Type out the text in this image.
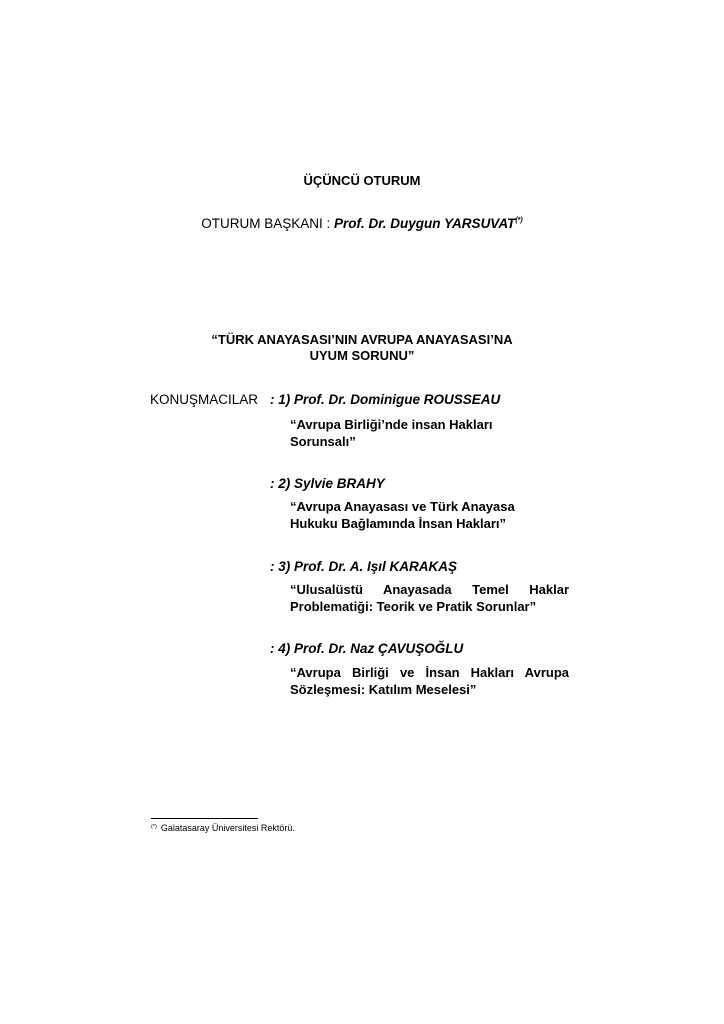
ÜÇÜNCÜ OTURUM
OTURUM BAŞKANI : Prof. Dr. Duygun YARSUVAT(*)
“TÜRK ANAYASASI’NIN AVRUPA ANAYASASI’NA
UYUM SORUNU”
KONUŞMACILAR : 1) Prof. Dr. Dominigue ROUSSEAU
“Avrupa Birliği’nde insan Hakları
Sorunsalı”
: 2) Sylvie BRAHY
“Avrupa Anayasası ve Türk Anayasa
Hukuku Bağlamında İnsan Hakları”
: 3) Prof. Dr. A. Işıl KARAKAŞ
“Ulusalüstü Anayasada Temel Haklar
Problematiği: Teorik ve Pratik Sorunlar”
: 4) Prof. Dr. Naz ÇAVUŞOĞLU
“Avrupa Birliği ve İnsan Hakları Avrupa
Sözleşmesi: Katılım Meselesi”
(*) Galatasaray Üniversitesi Rektörü.
